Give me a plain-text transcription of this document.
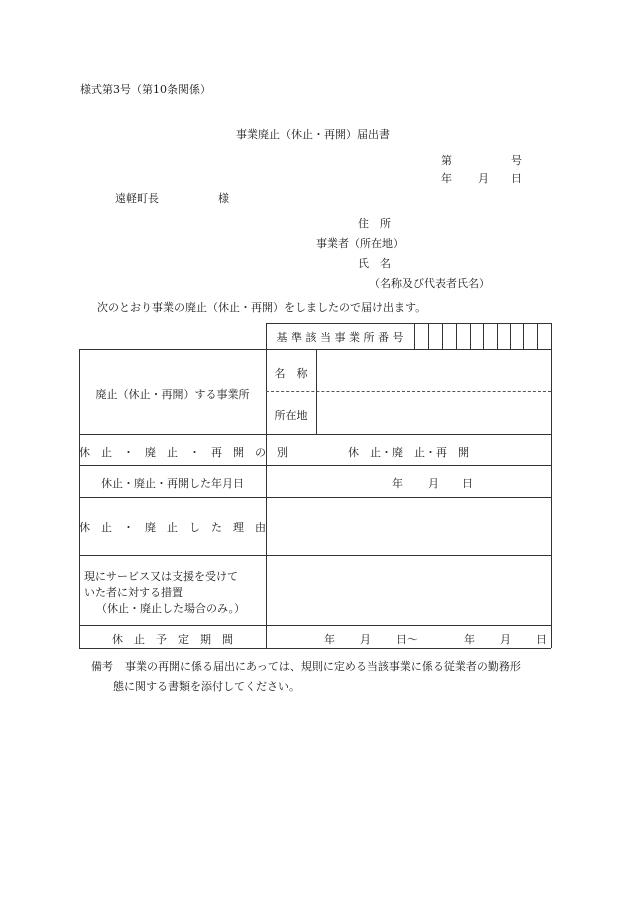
様式第3号（第10条関係）
事業廃止（休止・再開）届出書
第	号
年 月 日
遠軽町長	様
住　所
事業者（所在地）
氏　名
（名称及び代表者氏名）
次のとおり事業の廃止（休止・再開）をしましたので届け出ます。
基 準 該 当 事 業 所 番 号
廃止（休止・再開）する事業所
名　称
所在地
休　止　・　廃　止　・　再　開　の　別	休　止・廃　止・再　開
休止・廃止・再開した年月日	年 月 日
休　止　・　廃　止　し　た　理　由
現にサービス又は支援を受けて
いた者に対する措置
（休止・廃止した場合のみ。）
休　止　予　定　期　間	年 月 日～	年 月 日
備考 事業の再開に係る届出にあっては、規則に定める当該事業に係る従業者の勤務形
態に関する書類を添付してください。
